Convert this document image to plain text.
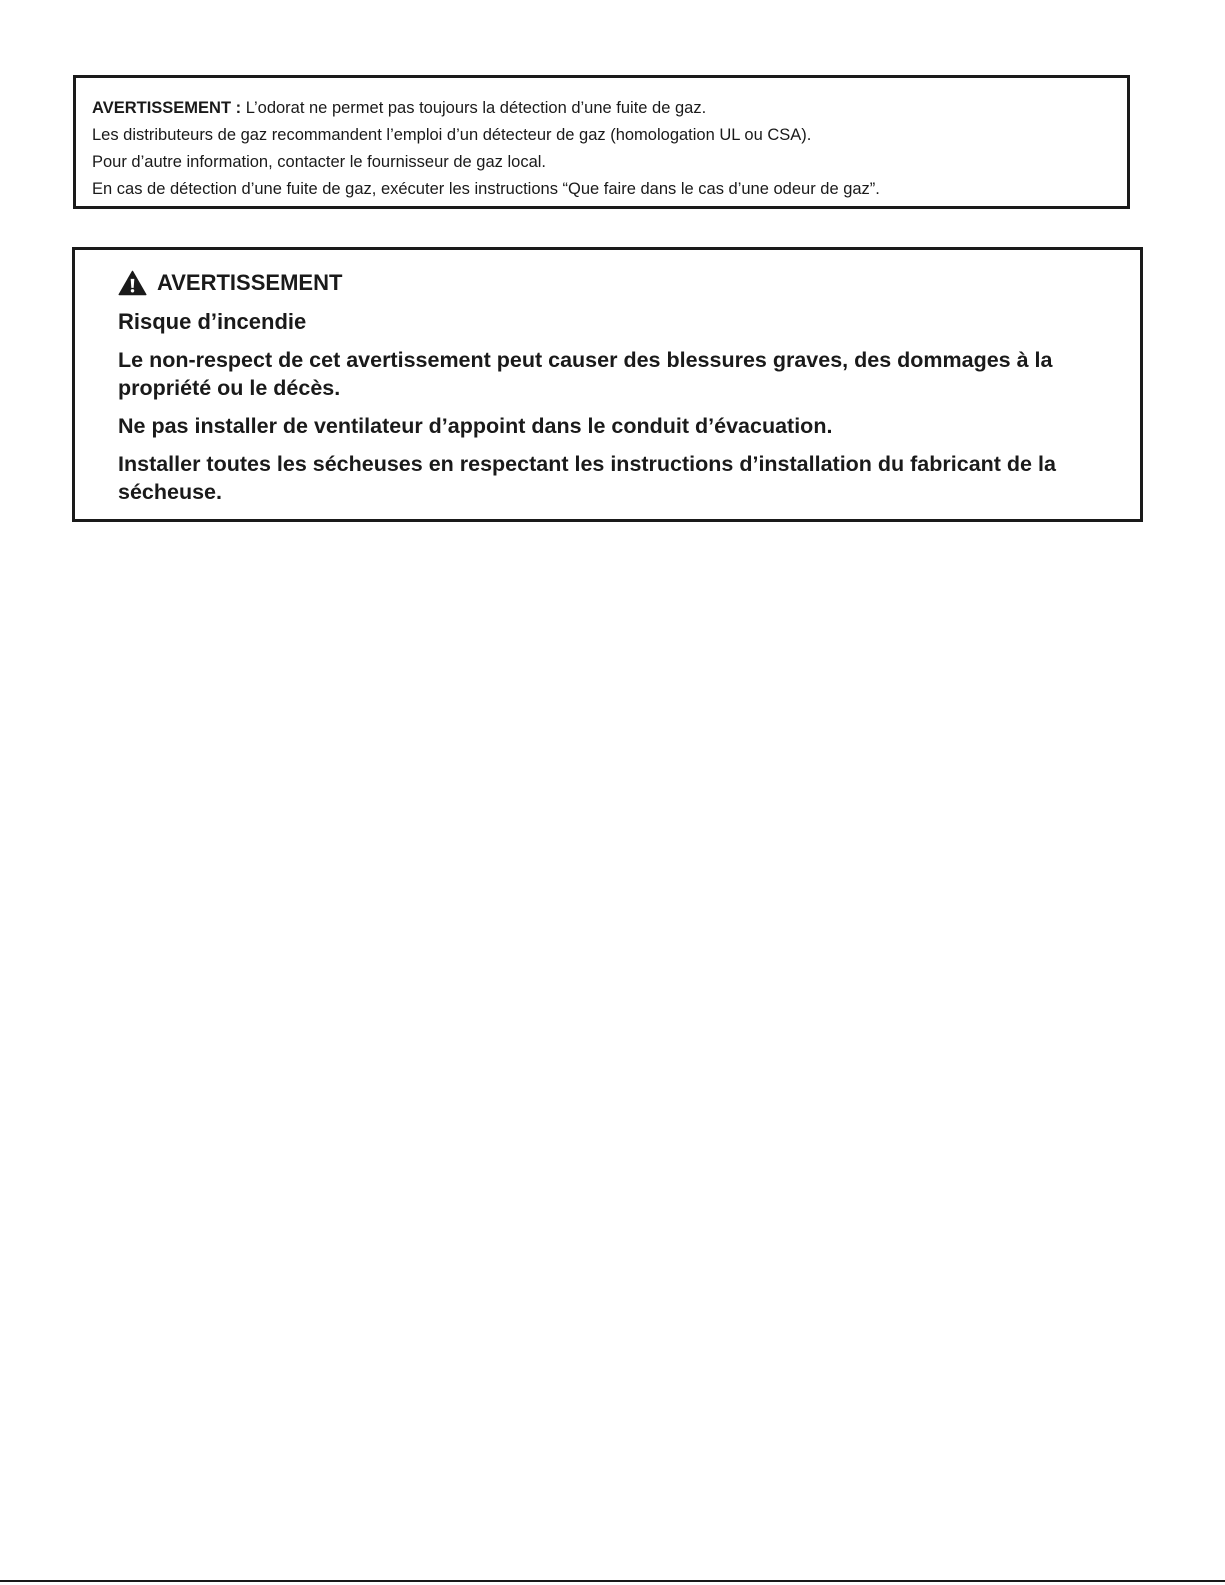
AVERTISSEMENT : L’odorat ne permet pas toujours la détection d’une fuite de gaz.
Les distributeurs de gaz recommandent l’emploi d’un détecteur de gaz (homologation UL ou CSA).
Pour d’autre information, contacter le fournisseur de gaz local.
En cas de détection d’une fuite de gaz, exécuter les instructions “Que faire dans le cas d’une odeur de gaz”.
AVERTISSEMENT
Risque d’incendie
Le non-respect de cet avertissement peut causer des blessures graves, des dommages à la propriété ou le décès.
Ne pas installer de ventilateur d’appoint dans le conduit d’évacuation.
Installer toutes les sécheuses en respectant les instructions d’installation du fabricant de la sécheuse.
